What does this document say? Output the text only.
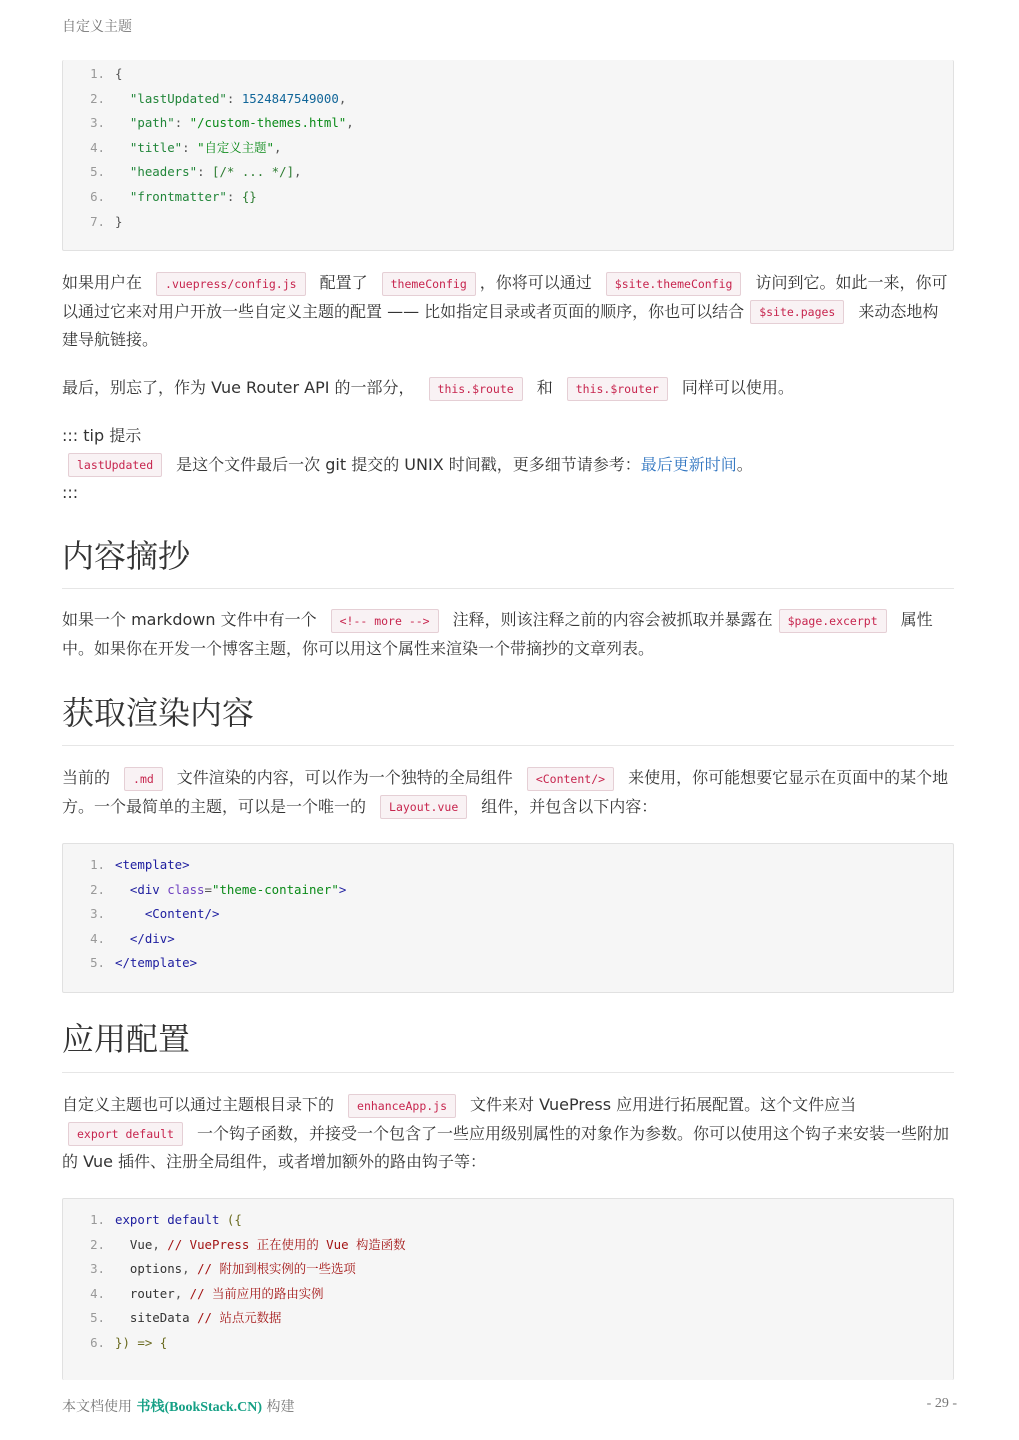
自定义主题
1. {
2.  "lastUpdated": 1524847549000,
3.  "path": "/custom-themes.html",
4.  "title": "自定义主题",
5.  "headers": [/* ... */],
6.  "frontmatter": {}
7. }
如果用户在 .vuepress/config.js 配置了 themeConfig ，你将可以通过 $site.themeConfig 访问到它。如此一来，你可以通过它来对用户开放一些自定义主题的配置 —— 比如指定目录或者页面的顺序，你也可以结合 $site.pages 来动态地构建导航链接。
最后，别忘了，作为 Vue Router API 的一部分， this.$route 和 this.$router 同样可以使用。
::: tip 提示
lastUpdated 是这个文件最后一次 git 提交的 UNIX 时间戳，更多细节请参考：最后更新时间。
:::
内容摘抄
如果一个 markdown 文件中有一个 <!-- more --> 注释，则该注释之前的内容会被抓取并暴露在 $page.excerpt 属性中。如果你在开发一个博客主题，你可以用这个属性来渲染一个带摘抄的文章列表。
获取渲染内容
当前的 .md 文件渲染的内容，可以作为一个独特的全局组件 <Content/> 来使用，你可能想要它显示在页面中的某个地方。一个最简单的主题，可以是一个唯一的 Layout.vue 组件，并包含以下内容：
1. <template>
2.  <div class="theme-container">
3.    <Content/>
4.  </div>
5. </template>
应用配置
自定义主题也可以通过主题根目录下的 enhanceApp.js 文件来对 VuePress 应用进行拓展配置。这个文件应当export default 一个钩子函数，并接受一个包含了一些应用级别属性的对象作为参数。你可以使用这个钩子来安装一些附加的 Vue 插件、注册全局组件，或者增加额外的路由钩子等：
1. export default ({
2.  Vue, // VuePress 正在使用的 Vue 构造函数
3.  options, // 附加到根实例的一些选项
4.  router, // 当前应用的路由实例
5.  siteData // 站点元数据
6. }) => {
本文档使用 书栈(BookStack.CN) 构建	- 29 -
